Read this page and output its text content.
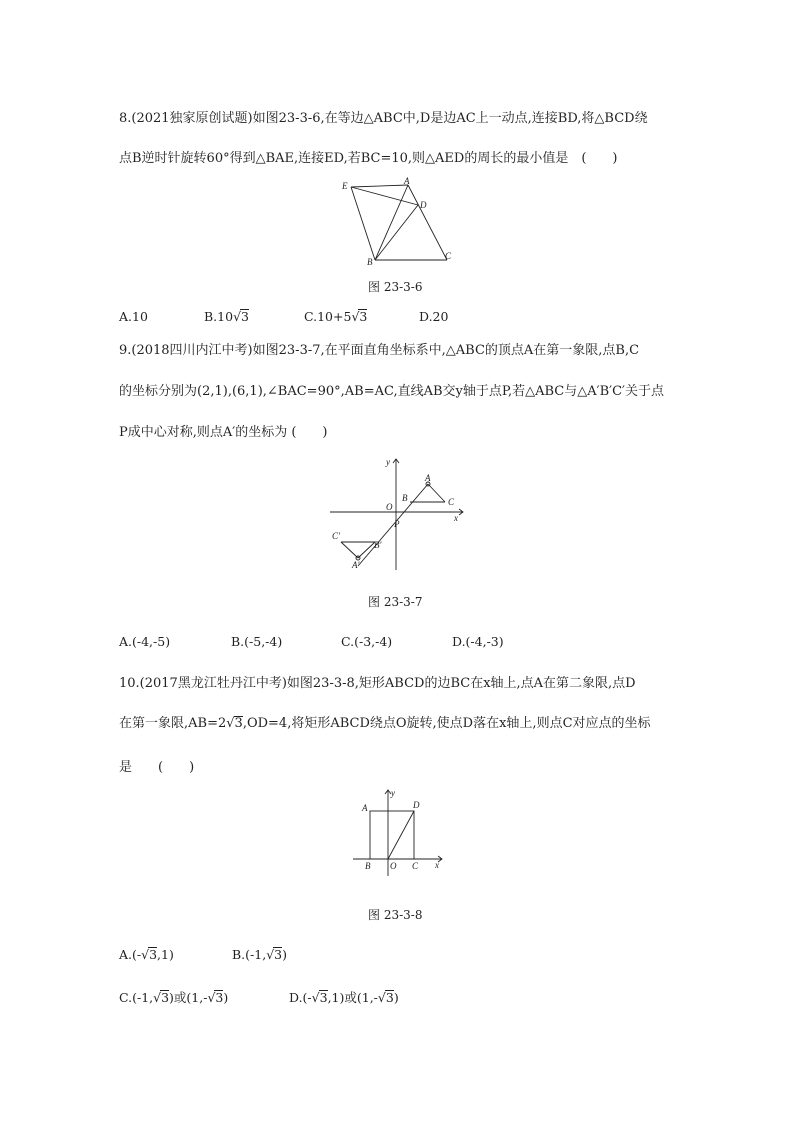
8.(2021独家原创试题)如图23-3-6,在等边△ABC中,D是边AC上一动点,连接BD,将△BCD绕
点B逆时针旋转60°得到△BAE,连接ED,若BC=10,则△AED的周长的最小值是　(　　)
E	A
D
B
C
图 23-3-6
A.10	B.10√3	C.10+5√3	D.20
9.(2018四川内江中考)如图23-3-7,在平面直角坐标系中,△ABC的顶点A在第一象限,点B,C
的坐标分别为(2,1),(6,1),∠BAC=90°,AB=AC,直线AB交y轴于点P,若△ABC与△A′B′C′关于点
P成中心对称,则点A′的坐标为 (　　)
y
x
O
P
A
B	C
A′
B′
C′
图 23-3-7
A.(-4,-5)	B.(-5,-4)	C.(-3,-4)	D.(-4,-3)
10.(2017黑龙江牡丹江中考)如图23-3-8,矩形ABCD的边BC在x轴上,点A在第二象限,点D
在第一象限,AB=2√3,OD=4,将矩形ABCD绕点O旋转,使点D落在x轴上,则点C对应点的坐标
是　　(　　)
y
x
A	D
B O C
图 23-3-8
A.(-√3,1)	B.(-1,√3)
C.(-1,√3)或(1,-√3)	D.(-√3,1)或(1,-√3)
